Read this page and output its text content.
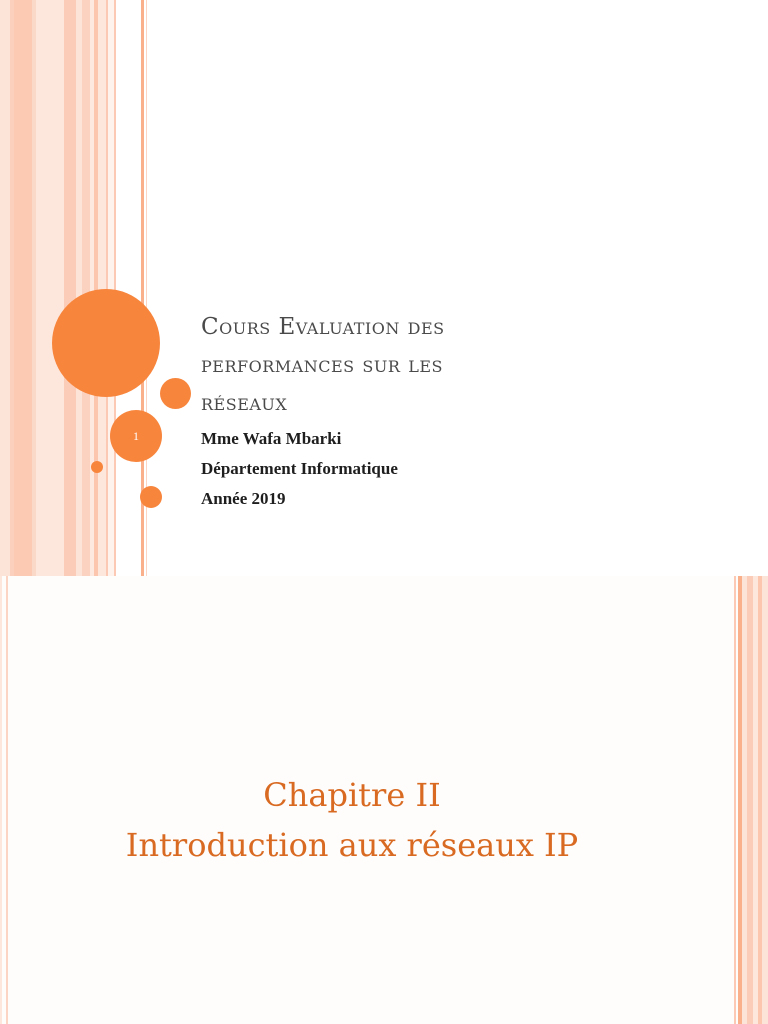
1
Cours Evaluation des
performances sur les
réseaux
Mme Wafa Mbarki
Département Informatique
Année 2019
Chapitre II
Introduction aux réseaux IP
